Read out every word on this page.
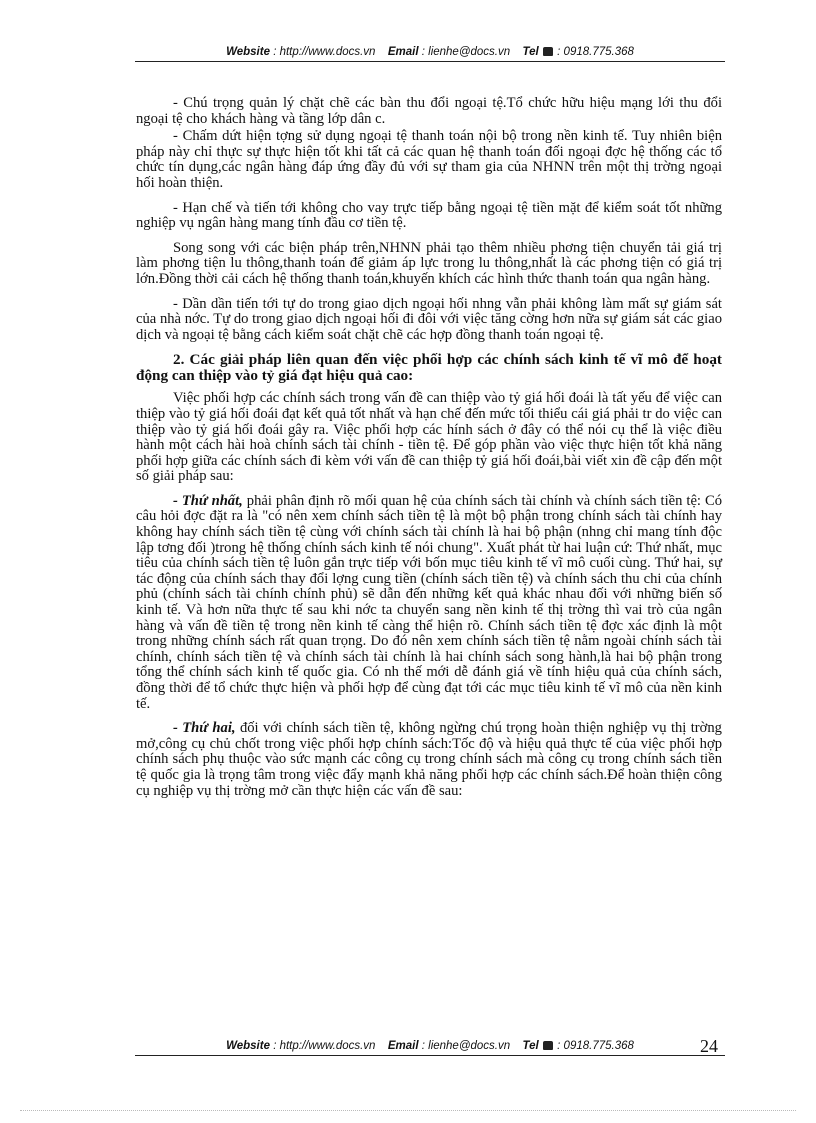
Website : http://www.docs.vn Email : lienhe@docs.vn Tel : 0918.775.368

- Chú trọng quản lý chặt chẽ các bàn thu đổi ngoại tệ.Tổ chức hữu hiệu mạng lới thu đổi ngoại tệ cho khách hàng và tầng lớp dân c.

- Chấm dứt hiện tợng sử dụng ngoại tệ thanh toán nội bộ trong nền kinh tế. Tuy nhiên biện pháp này chỉ thực sự thực hiện tốt khi tất cả các quan hệ thanh toán đối ngoại đợc hệ thống các tổ chức tín dụng,các ngân hàng đáp ứng đầy đủ với sự tham gia của NHNN trên một thị trờng ngoại hối hoàn thiện.

- Hạn chế và tiến tới không cho vay trực tiếp bằng ngoại tệ tiền mặt để kiểm soát tốt những nghiệp vụ ngân hàng mang tính đầu cơ tiền tệ.

Song song với các biện pháp trên,NHNN phải tạo thêm nhiều phơng tiện chuyển tải giá trị làm phơng tiện lu thông,thanh toán để giảm áp lực trong lu thông,nhất là các phơng tiện có giá trị lớn.Đồng thời cải cách hệ thống thanh toán,khuyến khích các hình thức thanh toán qua ngân hàng.

- Dần dần tiến tới tự do trong giao dịch ngoại hối nhng vẫn phải không làm mất sự giám sát của nhà nớc. Tự do trong giao dịch ngoại hối đi đôi với việc tăng cờng hơn nữa sự giám sát các giao dịch và ngoại tệ bằng cách kiểm soát chặt chẽ các hợp đồng thanh toán ngoại tệ.

2. Các giải pháp liên quan đến việc phối hợp các chính sách kinh tế vĩ mô để hoạt động can thiệp vào tỷ giá đạt hiệu quả cao:

Việc phối hợp các chính sách trong vấn đề can thiệp vào tỷ giá hối đoái là tất yếu để việc can thiệp vào tỷ giá hối đoái đạt kết quả tốt nhất và hạn chế đến mức tối thiểu cái giá phải tr do việc can thiệp vào tỷ giá hối đoái gây ra. Việc phối hợp các hính sách ở đây có thể nói cụ thể là việc điều hành một cách hài hoà chính sách tài chính - tiền tệ. Để góp phần vào việc thực hiện tốt khả năng phối hợp giữa các chính sách đi kèm với vấn đề can thiệp tỷ giá hối đoái,bài viết xin đề cập đến một số giải pháp sau:

- Thứ nhất, phải phân định rõ mối quan hệ của chính sách tài chính và chính sách tiền tệ: Có câu hỏi đợc đặt ra là "có nên xem chính sách tiền tệ là một bộ phận trong chính sách tài chính hay không hay chính sách tiền tệ cùng với chính sách tài chính là hai bộ phận (nhng chỉ mang tính độc lập tơng đối )trong hệ thống chính sách kinh tế nói chung". Xuất phát từ hai luận cứ: Thứ nhất, mục tiêu của chính sách tiền tệ luôn gắn trực tiếp với bốn mục tiêu kinh tế vĩ mô cuối cùng. Thứ hai, sự tác động của chính sách thay đổi lợng cung tiền (chính sách tiền tệ) và chính sách thu chi của chính phủ (chính sách tài chính chính phủ) sẽ dẫn đến những kết quả khác nhau đối với những biến số kinh tế. Và hơn nữa thực tế sau khi nớc ta chuyển sang nền kinh tế thị trờng thì vai trò của ngân hàng và vấn đề tiền tệ trong nền kinh tế càng thể hiện rõ. Chính sách tiền tệ đợc xác định là một trong những chính sách rất quan trọng. Do đó nên xem chính sách tiền tệ nằm ngoài chính sách tài chính, chính sách tiền tệ và chính sách tài chính là hai chính sách song hành,là hai bộ phận trong tổng thể chính sách kinh tế quốc gia. Có nh thế mới dễ đánh giá về tính hiệu quả của chính sách, đồng thời để tổ chức thực hiện và phối hợp để cùng đạt tới các mục tiêu kinh tế vĩ mô của nền kinh tế.

- Thứ hai, đối với chính sách tiền tệ, không ngừng chú trọng hoàn thiện nghiệp vụ thị trờng mở,công cụ chủ chốt trong việc phối hợp chính sách:Tốc độ và hiệu quả thực tế của việc phối hợp chính sách phụ thuộc vào sức mạnh các công cụ trong chính sách mà công cụ trong chính sách tiền tệ quốc gia là trọng tâm trong việc đẩy mạnh khả năng phối hợp các chính sách.Để hoàn thiện công cụ nghiệp vụ thị trờng mở cần thực hiện các vấn đề sau:

Website : http://www.docs.vn Email : lienhe@docs.vn Tel : 0918.775.368	24
